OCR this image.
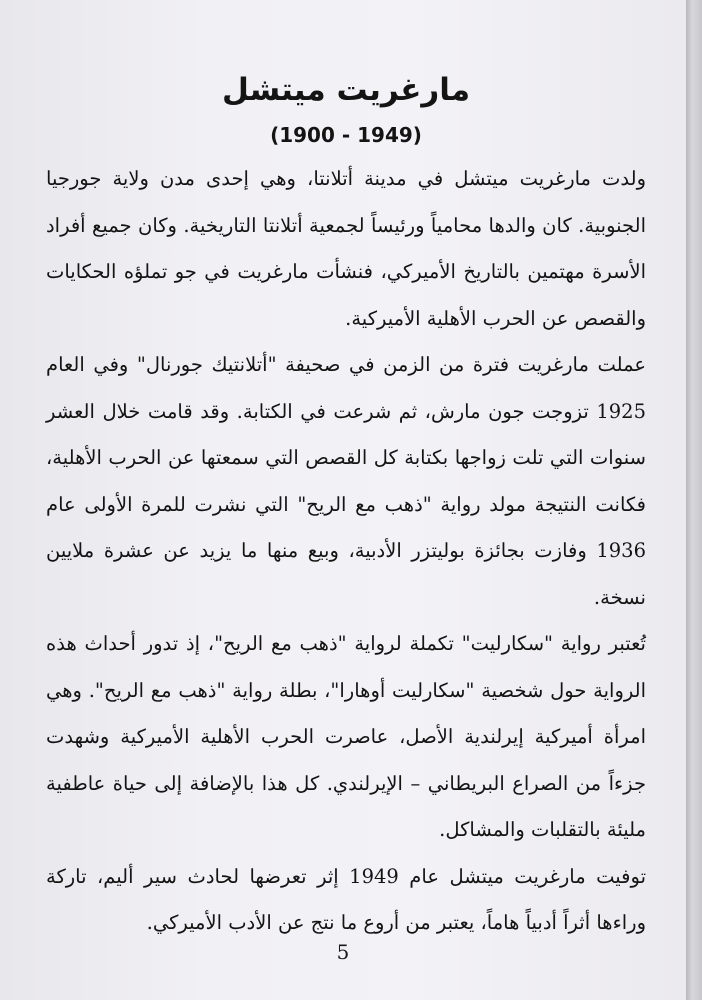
مارغريت ميتشل
(1900 - 1949)

ولدت مارغريت ميتشل في مدينة أتلانتا، وهي إحدى مدن ولاية جورجيا الجنوبية. كان والدها محامياً ورئيساً لجمعية أتلانتا التاريخية. وكان جميع أفراد الأسرة مهتمين بالتاريخ الأميركي، فنشأت مارغريت في جو تملؤه الحكايات والقصص عن الحرب الأهلية الأميركية.

عملت مارغريت فترة من الزمن في صحيفة "أتلانتيك جورنال" وفي العام 1925 تزوجت جون مارش، ثم شرعت في الكتابة. وقد قامت خلال العشر سنوات التي تلت زواجها بكتابة كل القصص التي سمعتها عن الحرب الأهلية، فكانت النتيجة مولد رواية "ذهب مع الريح" التي نشرت للمرة الأولى عام 1936 وفازت بجائزة بوليتزر الأدبية، وبيع منها ما يزيد عن عشرة ملايين نسخة.

تُعتبر رواية "سكارليت" تكملة لرواية "ذهب مع الريح"، إذ تدور أحداث هذه الرواية حول شخصية "سكارليت أوهارا"، بطلة رواية "ذهب مع الريح". وهي امرأة أميركية إيرلندية الأصل، عاصرت الحرب الأهلية الأميركية وشهدت جزءاً من الصراع البريطاني – الإيرلندي. كل هذا بالإضافة إلى حياة عاطفية مليئة بالتقلبات والمشاكل.

توفيت مارغريت ميتشل عام 1949 إثر تعرضها لحادث سير أليم، تاركة وراءها أثراً أدبياً هاماً، يعتبر من أروع ما نتج عن الأدب الأميركي.

5
